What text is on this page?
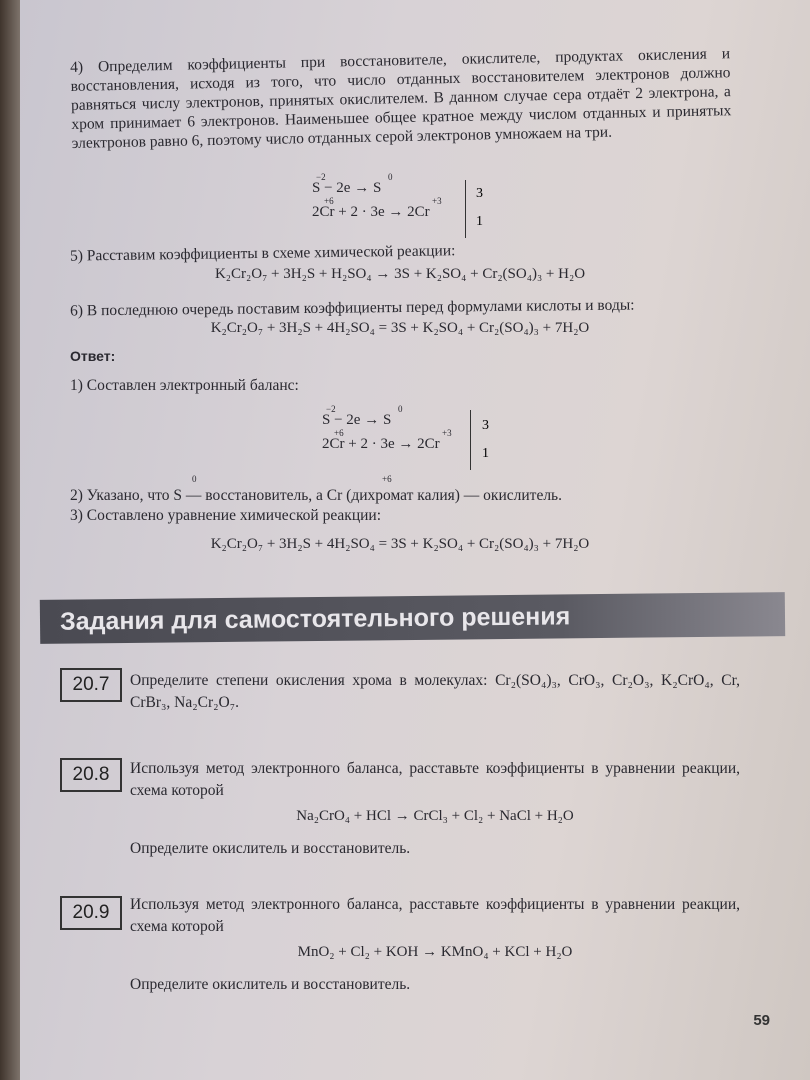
4) Определим коэффициенты при восстановителе, окислителе, продуктах окисления и восстановления, исходя из того, что число отданных восстановителем электронов должно равняться числу электронов, принятых окислителем. В данном случае сера отдаёт 2 электрона, а хром принимает 6 электронов. Наименьшее общее кратное между числом отданных и принятых электронов равно 6, поэтому число отданных серой электронов умножаем на три.
−2	0
S − 2e → S
+6	+3
2Cr + 2 · 3e → 2Cr
3
1
5) Расставим коэффициенты в схеме химической реакции:
K₂Cr₂O₇ + 3H₂S + H₂SO₄ → 3S + K₂SO₄ + Cr₂(SO₄)₃ + H₂O
6) В последнюю очередь поставим коэффициенты перед формулами кислоты и воды:
K₂Cr₂O₇ + 3H₂S + 4H₂SO₄ = 3S + K₂SO₄ + Cr₂(SO₄)₃ + 7H₂O
Ответ:
1) Составлен электронный баланс:
−2	0
S − 2e → S
+6	+3
2Cr + 2 · 3e → 2Cr
3
1
0	+6
2) Указано, что S — восстановитель, а Cr (дихромат калия) — окислитель.
3) Составлено уравнение химической реакции:
K₂Cr₂O₇ + 3H₂S + 4H₂SO₄ = 3S + K₂SO₄ + Cr₂(SO₄)₃ + 7H₂O
Задания для самостоятельного решения
20.7	Определите степени окисления хрома в молекулах: Cr₂(SO₄)₃, CrO₃, Cr₂O₃, K₂CrO₄, Cr, CrBr₃, Na₂Cr₂O₇.
20.8	Используя метод электронного баланса, расставьте коэффициенты в уравнении реакции, схема которой
Na₂CrO₄ + HCl → CrCl₃ + Cl₂ + NaCl + H₂O
Определите окислитель и восстановитель.
20.9	Используя метод электронного баланса, расставьте коэффициенты в уравнении реакции, схема которой
MnO₂ + Cl₂ + KOH → KMnO₄ + KCl + H₂O
Определите окислитель и восстановитель.
59
